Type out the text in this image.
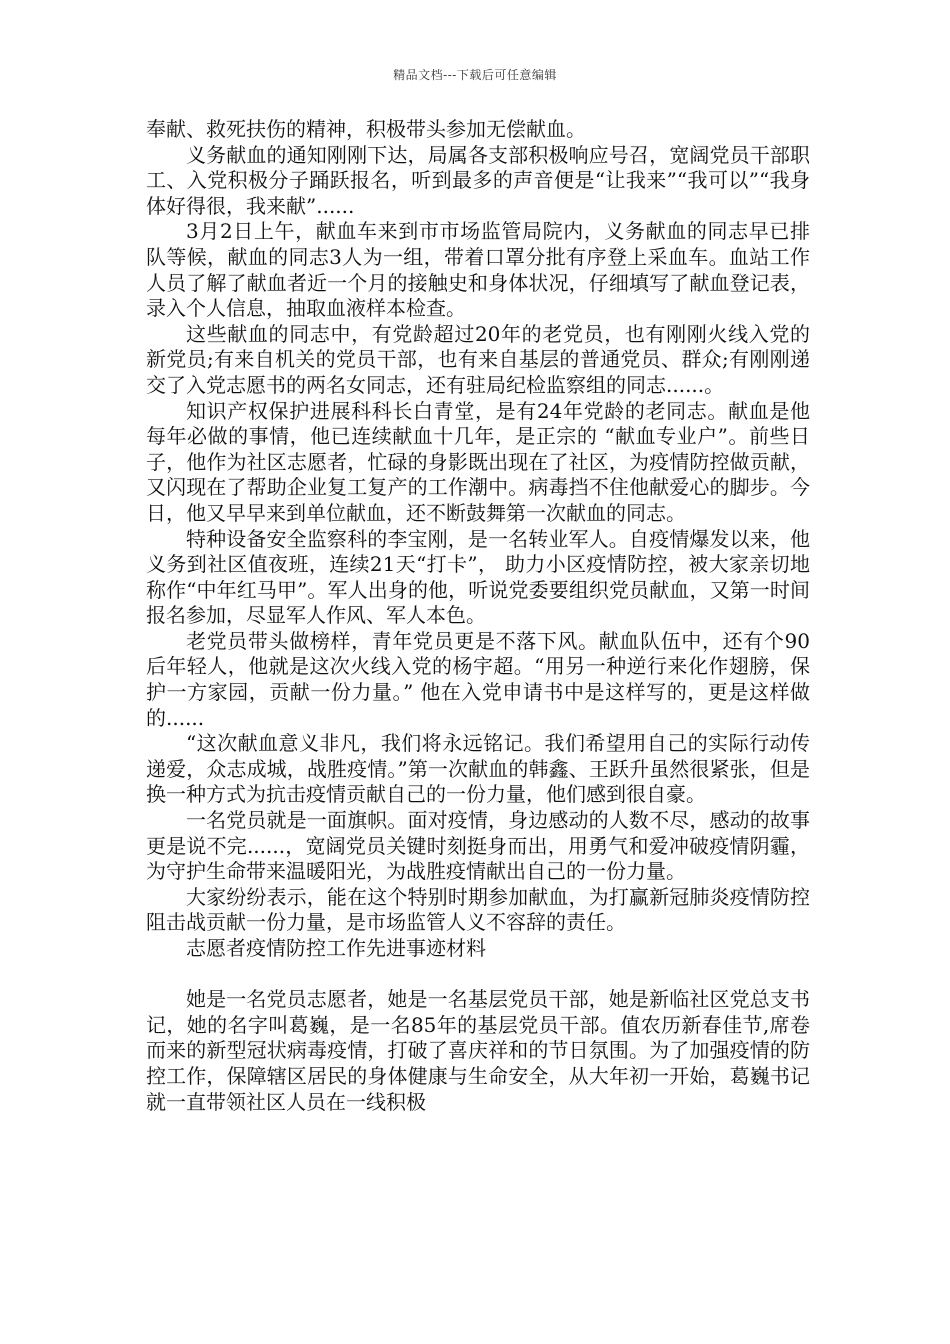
精品文档---下载后可任意编辑

奉献、救死扶伤的精神，积极带头参加无偿献血。

义务献血的通知刚刚下达，局属各支部积极响应号召，宽阔党员干部职工、入党积极分子踊跃报名，听到最多的声音便是“让我来”“我可以”“我身体好得很，我来献”......

3月2日上午，献血车来到市市场监管局院内，义务献血的同志早已排队等候，献血的同志3人为一组，带着口罩分批有序登上采血车。血站工作人员了解了献血者近一个月的接触史和身体状况，仔细填写了献血登记表，录入个人信息，抽取血液样本检查。

这些献血的同志中，有党龄超过20年的老党员，也有刚刚火线入党的新党员;有来自机关的党员干部，也有来自基层的普通党员、群众;有刚刚递交了入党志愿书的两名女同志，还有驻局纪检监察组的同志......。

知识产权保护进展科科长白青堂，是有24年党龄的老同志。献血是他每年必做的事情，他已连续献血十几年，是正宗的 “献血专业户”。前些日子，他作为社区志愿者，忙碌的身影既出现在了社区，为疫情防控做贡献，又闪现在了帮助企业复工复产的工作潮中。病毒挡不住他献爱心的脚步。今日，他又早早来到单位献血，还不断鼓舞第一次献血的同志。

特种设备安全监察科的李宝刚，是一名转业军人。自疫情爆发以来，他义务到社区值夜班，连续21天“打卡”， 助力小区疫情防控，被大家亲切地称作“中年红马甲”。军人出身的他，听说党委要组织党员献血，又第一时间报名参加，尽显军人作风、军人本色。

老党员带头做榜样，青年党员更是不落下风。献血队伍中，还有个90后年轻人，他就是这次火线入党的杨宇超。“用另一种逆行来化作翅膀，保护一方家园，贡献一份力量。” 他在入党申请书中是这样写的，更是这样做的......

“这次献血意义非凡，我们将永远铭记。我们希望用自己的实际行动传递爱，众志成城，战胜疫情。”第一次献血的韩鑫、王跃升虽然很紧张，但是换一种方式为抗击疫情贡献自己的一份力量，他们感到很自豪。

一名党员就是一面旗帜。面对疫情，身边感动的人数不尽，感动的故事更是说不完......，宽阔党员关键时刻挺身而出，用勇气和爱冲破疫情阴霾，为守护生命带来温暖阳光，为战胜疫情献出自己的一份力量。

大家纷纷表示，能在这个特别时期参加献血，为打赢新冠肺炎疫情防控阻击战贡献一份力量，是市场监管人义不容辞的责任。

志愿者疫情防控工作先进事迹材料

她是一名党员志愿者，她是一名基层党员干部，她是新临社区党总支书记，她的名字叫葛巍，是一名85年的基层党员干部。值农历新春佳节,席卷而来的新型冠状病毒疫情，打破了喜庆祥和的节日氛围。为了加强疫情的防控工作，保障辖区居民的身体健康与生命安全，从大年初一开始，葛巍书记就一直带领社区人员在一线积极
